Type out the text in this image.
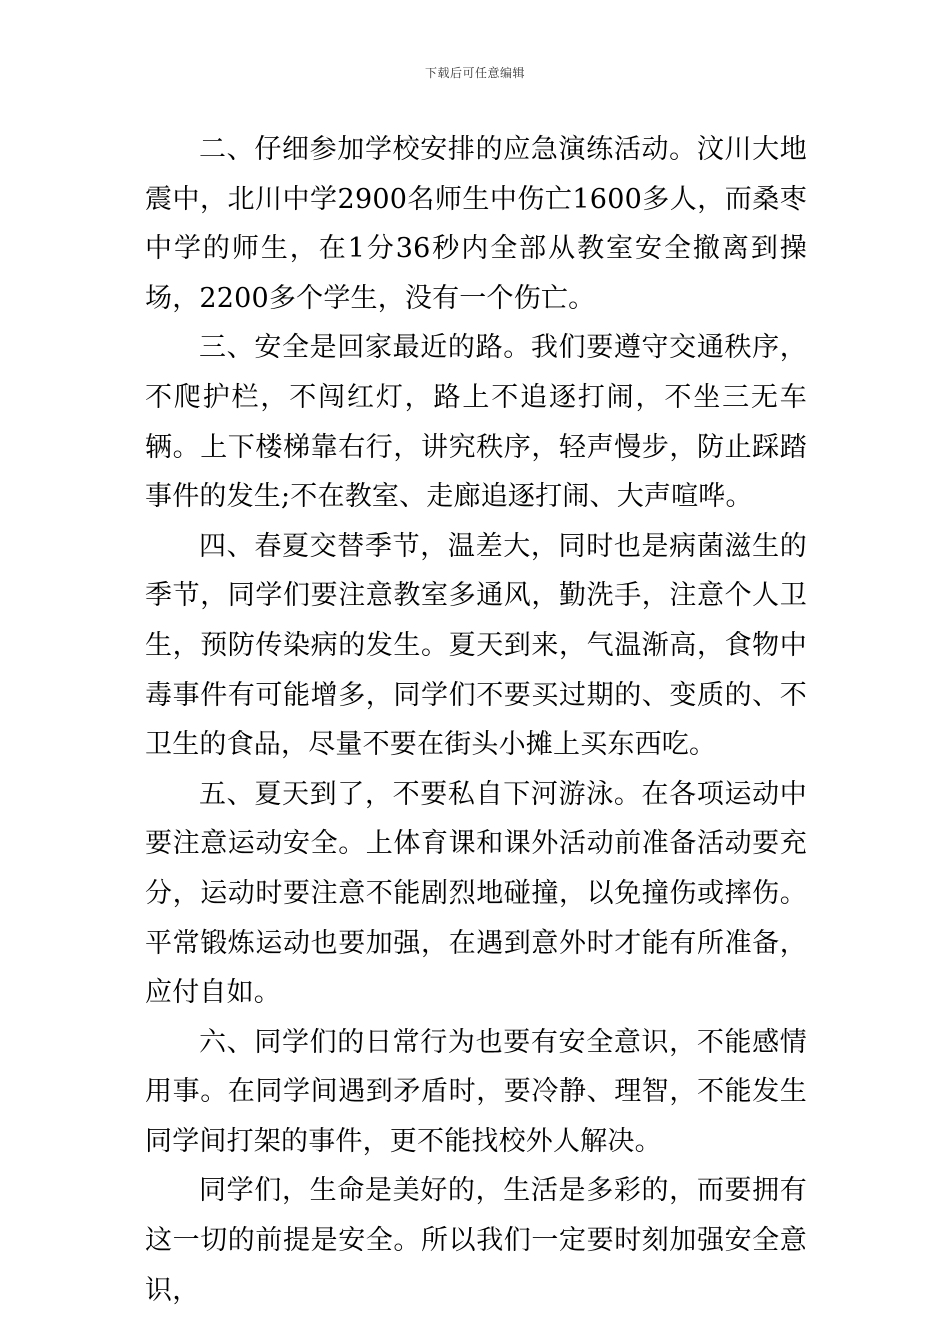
下载后可任意编辑

二、仔细参加学校安排的应急演练活动。汶川大地震中，北川中学2900名师生中伤亡1600多人，而桑枣中学的师生，在1分36秒内全部从教室安全撤离到操场，2200多个学生，没有一个伤亡。

三、安全是回家最近的路。我们要遵守交通秩序，不爬护栏，不闯红灯，路上不追逐打闹，不坐三无车辆。上下楼梯靠右行，讲究秩序，轻声慢步，防止踩踏事件的发生;不在教室、走廊追逐打闹、大声喧哗。

四、春夏交替季节，温差大，同时也是病菌滋生的季节，同学们要注意教室多通风，勤洗手，注意个人卫生，预防传染病的发生。夏天到来，气温渐高，食物中毒事件有可能增多，同学们不要买过期的、变质的、不卫生的食品，尽量不要在街头小摊上买东西吃。

五、夏天到了，不要私自下河游泳。在各项运动中要注意运动安全。上体育课和课外活动前准备活动要充分，运动时要注意不能剧烈地碰撞，以免撞伤或摔伤。平常锻炼运动也要加强，在遇到意外时才能有所准备，应付自如。

六、同学们的日常行为也要有安全意识，不能感情用事。在同学间遇到矛盾时，要冷静、理智，不能发生同学间打架的事件，更不能找校外人解决。

同学们，生命是美好的，生活是多彩的，而要拥有这一切的前提是安全。所以我们一定要时刻加强安全意识，
